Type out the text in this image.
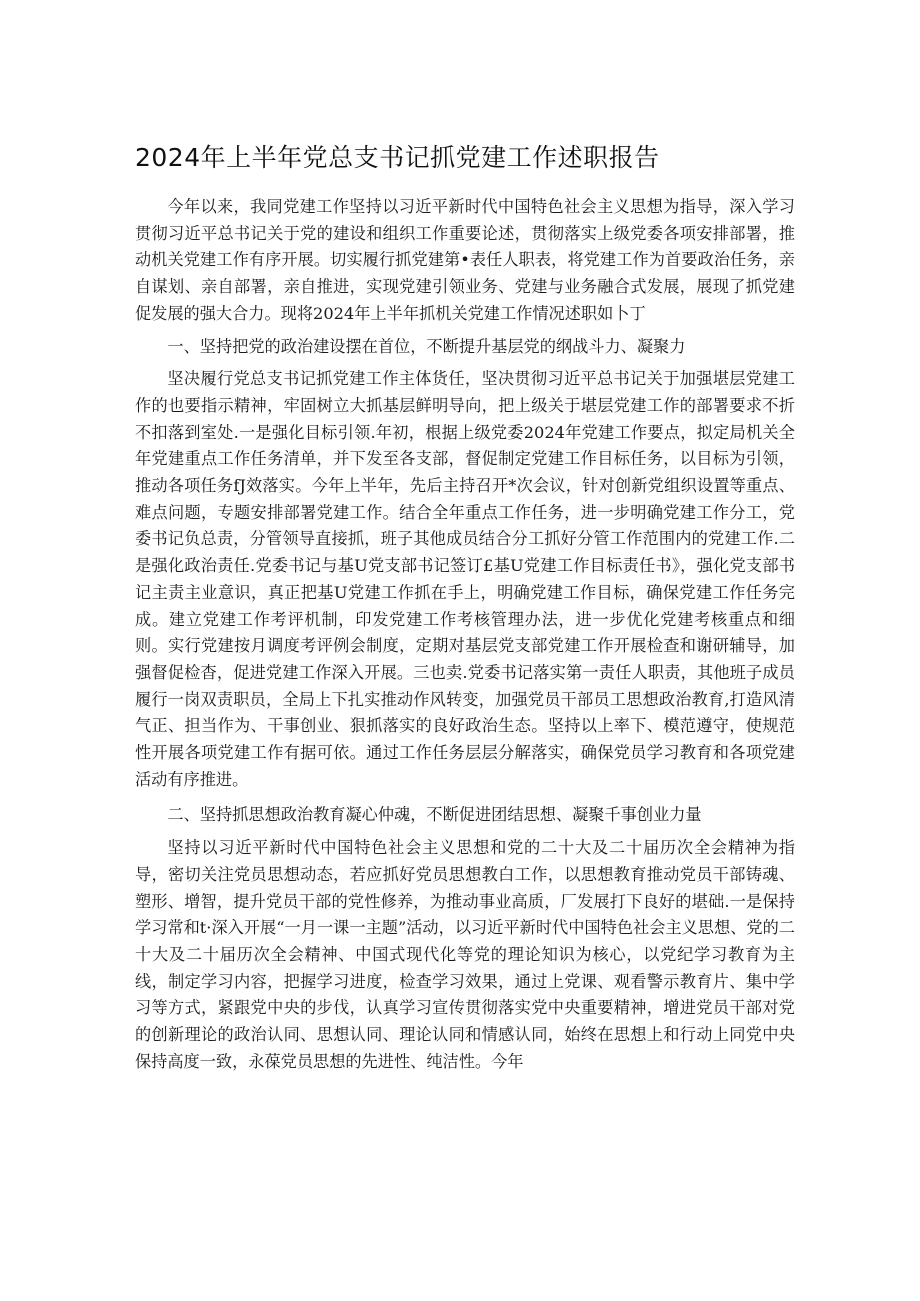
2024年上半年党总支书记抓党建工作述职报告

今年以来，我同党建工作坚持以习近平新时代中国特色社会主义思想为指导，深入学习贯彻习近平总书记关于党的建设和组织工作重要论述，贯彻落实上级党委各项安排部署，推动机关党建工作有序开展。切实履行抓党建第•表任人职表，将党建工作为首要政治任务，亲自谋划、亲自部署，亲自推进，实现党建引领业务、党建与业务融合式发展，展现了抓党建促发展的强大合力。现将2024年上半年抓机关党建工作情况述职如卜丁

一、坚持把党的政治建设摆在首位，不断提升基层党的纲战斗力、凝聚力

坚决履行党总支书记抓党建工作主体货任，坚决贯彻习近平总书记关于加强堪层党建工作的也要指示精神，牢固树立大抓基层鲜明导向，把上级关于堪层党建工作的部署要求不折不扣落到室处.一是强化目标引领.年初，根据上级党委2024年党建工作要点，拟定局机关全年党建重点工作任务清单，并下发至各支部，督促制定党建工作目标任务，以目标为引领，推动各项任务fJ效落实。今年上半年，先后主持召开*次会议，针对创新党组织设置等重点、难点问题，专题安排部署党建工作。结合全年重点工作任务，进一步明确党建工作分工，党委书记负总责，分管领导直接抓，班子其他成员结合分工抓好分管工作范围内的党建工作.二是强化政治责任.党委书记与基U党支部书记签订£基U党建工作目标责任书》，强化党支部书记主责主业意识，真正把基U党建工作抓在手上，明确党建工作目标，确保党建工作任务完成。建立党建工作考评机制，印发党建工作考核管理办法，进一步优化党建考核重点和细则。实行党建按月调度考评例会制度，定期对基层党支部党建工作开展检查和谢研辅导，加强督促检杳，促进党建工作深入开展。三也卖.党委书记落实第一责任人职责，其他班子成员履行一岗双责职员，全局上下扎实推动作风转变，加强党员干部员工思想政治教育,打造风清气正、担当作为、干事创业、狠抓落实的良好政治生态。坚持以上率下、模范遵守，使规范性开展各项党建工作有据可依。通过工作任务层层分解落实，确保党员学习教育和各项党建活动有序推进。

二、坚持抓思想政治教育凝心仲魂，不断促进团结思想、凝聚千事创业力量

坚持以习近平新时代中国特色社会主义思想和党的二十大及二十届历次全会精神为指导，密切关注党员思想动态，若应抓好党员思想教白工作，以思想教育推动党员干部铸魂、塑形、增智，提升党员干部的党性修养，为推动事业高质，厂发展打下良好的堪础.一是保持学习常和t·深入开展“一月一课一主题”活动，以习近平新时代中国特色社会主义思想、党的二十大及二十届历次全会精神、中国式现代化等党的理论知识为核心，以党纪学习教育为主线，制定学习内容，把握学习进度，检查学习效果，通过上党课、观看警示教育片、集中学习等方式，紧跟党中央的步伐，认真学习宣传贯彻落实党中央重要精神，增进党员干部对党的创新理论的政治认同、思想认同、理论认同和情感认同，始终在思想上和行动上同党中央保持高度一致，永葆党员思想的先进性、纯洁性。今年
